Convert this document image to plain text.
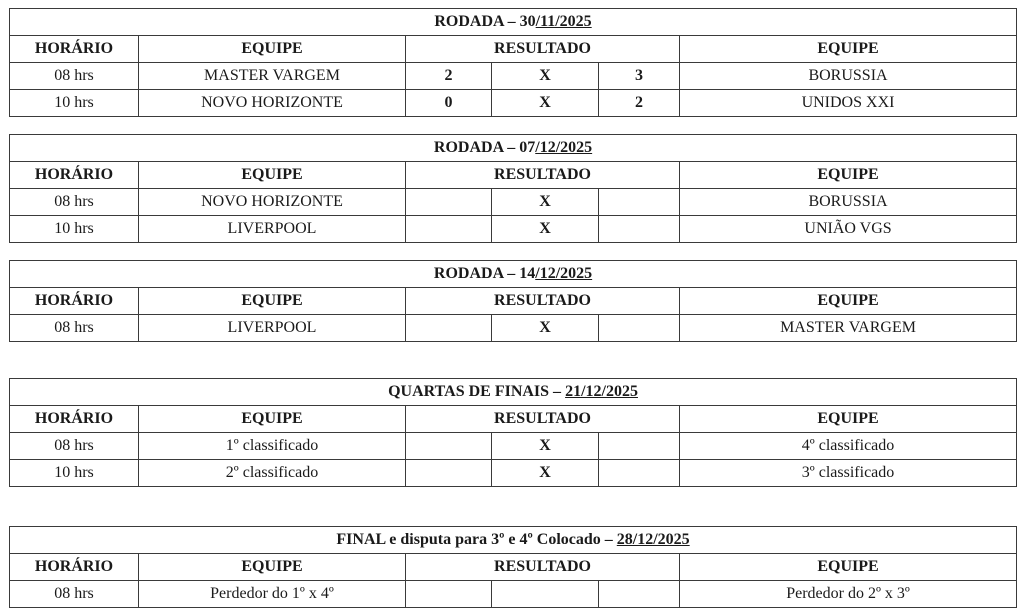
RODADA – 30/11/2025					
HORÁRIO	EQUIPE	RESULTADO			EQUIPE
08 hrs	MASTER VARGEM	2	X	3	BORUSSIA
10 hrs	NOVO HORIZONTE	0	X	2	UNIDOS XXI
RODADA – 07/12/2025					
HORÁRIO	EQUIPE	RESULTADO			EQUIPE
08 hrs	NOVO HORIZONTE		X		BORUSSIA
10 hrs	LIVERPOOL		X		UNIÃO VGS
RODADA – 14/12/2025					
HORÁRIO	EQUIPE	RESULTADO			EQUIPE
08 hrs	LIVERPOOL		X		MASTER VARGEM
QUARTAS DE FINAIS – 21/12/2025					
HORÁRIO	EQUIPE	RESULTADO			EQUIPE
08 hrs	1º classificado		X		4º classificado
10 hrs	2º classificado		X		3º classificado
FINAL e disputa para 3º e 4º Colocado – 28/12/2025					
HORÁRIO	EQUIPE	RESULTADO			EQUIPE
08 hrs	Perdedor do 1º x 4º				Perdedor do 2º x 3º
